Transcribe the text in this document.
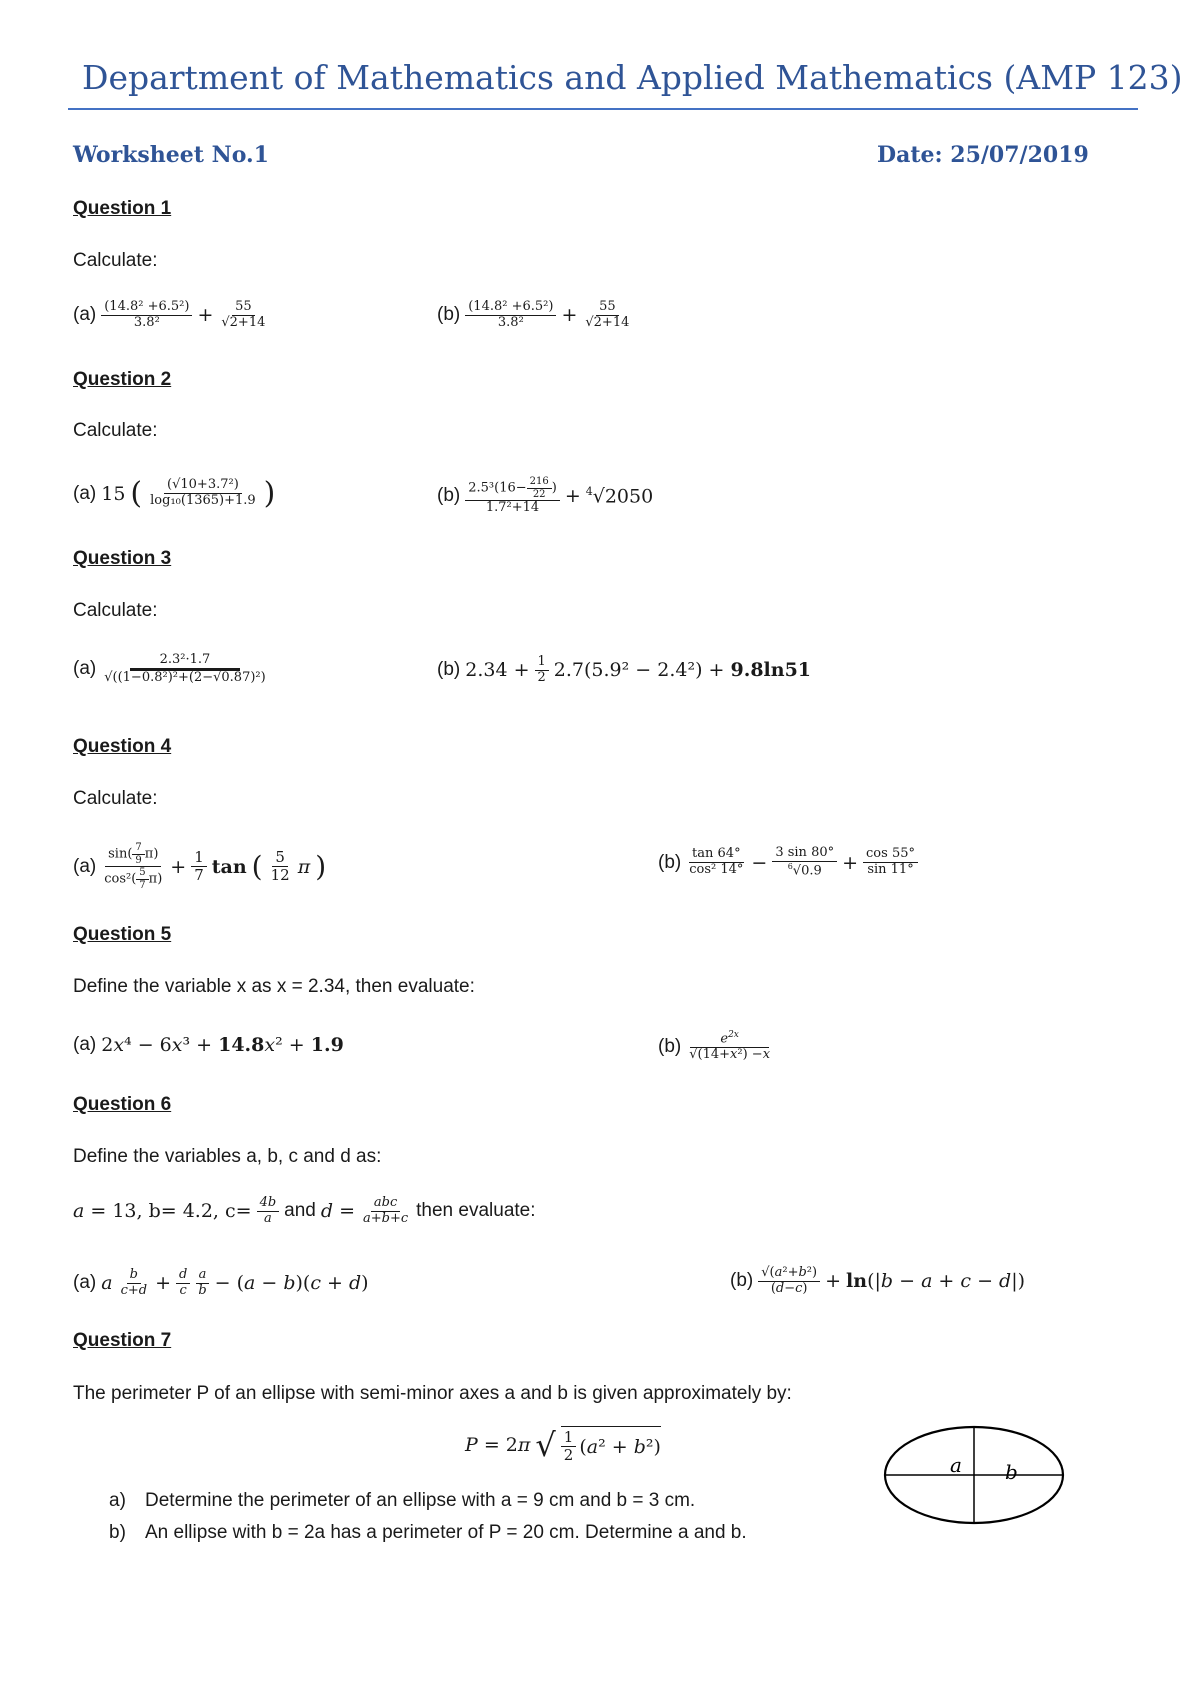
Department of Mathematics and Applied Mathematics (AMP 123)
Worksheet No.1	Date: 25/07/2019
Question 1
Calculate:
$(a) \frac{\text{(14.8² +6.5²)}}{\text{3.8²}} + \frac{55}{√2+14}$	$(b) \frac{\text{(14.8² +6.5²)}}{\text{3.8²}} + \frac{55}{√2+14}$
Question 2
Calculate:
(a) 15 ( $\frac{\text{(√10+3.7²)}}{\text{log₁₀(1365)+1.9}}$ )	$(b) \frac{2.5^3(16- \frac{216}{22} )}{\text{1.7²+14}} + ^4√2050$
Question 3
Calculate:
$(a) \frac{\text{2.3²·1.7}}{\text{√((1−0.8²)²+(2−√0.87)²)}}$	(b) $2.34 + \frac{1}{2} 2.7(5.9^2 - 2.4^2) + 9.8\ln 51$
Question 4
Calculate:
$(a) \frac{\sin( \frac{7}{9} \pi)}{\cos^2( \frac{5}{7} \pi)} + \frac{1}{7}$ tan ( $\frac{5}{12}$ π )	$(b) \frac{\tan 64^\circ}{\text{cos² 14°}} - \frac{3 \sin 80^\circ}{^6√0.9} + \frac{\cos 55^\circ}{\sin 11^\circ}$
Question 5
Define the variable x as x = 2.34, then evaluate:
(a) 2x⁴ − 6x³ + 14.8x² + 1.9	$(b) \frac{e^{2x}}{\text{√(14+x²) −x}}$
Question 6
Define the variables a, b, c and d as:
a = 13, b= 4.2, $c= \frac{4b}{a}$ and $d = \frac{\text{abc}}{a+b+c}$ then evaluate:
(a) a $\frac{b}{c+d} + \frac{d}{c} \frac{a}{b} - (a - b)(c + d)$	$(b) \frac{\text{√(a²+b²)}}{(d-c)} + \ln(|b - a + c - d|)$
Question 7
The perimeter P of an ellipse with semi-minor axes a and b is given approximately by:
P = 2π √ $\frac{1}{2} (a^2 + b^2)$
a) Determine the perimeter of an ellipse with a = 9 cm and b = 3 cm.
b) An ellipse with b = 2a has a perimeter of P = 20 cm. Determine a and b.
a b
